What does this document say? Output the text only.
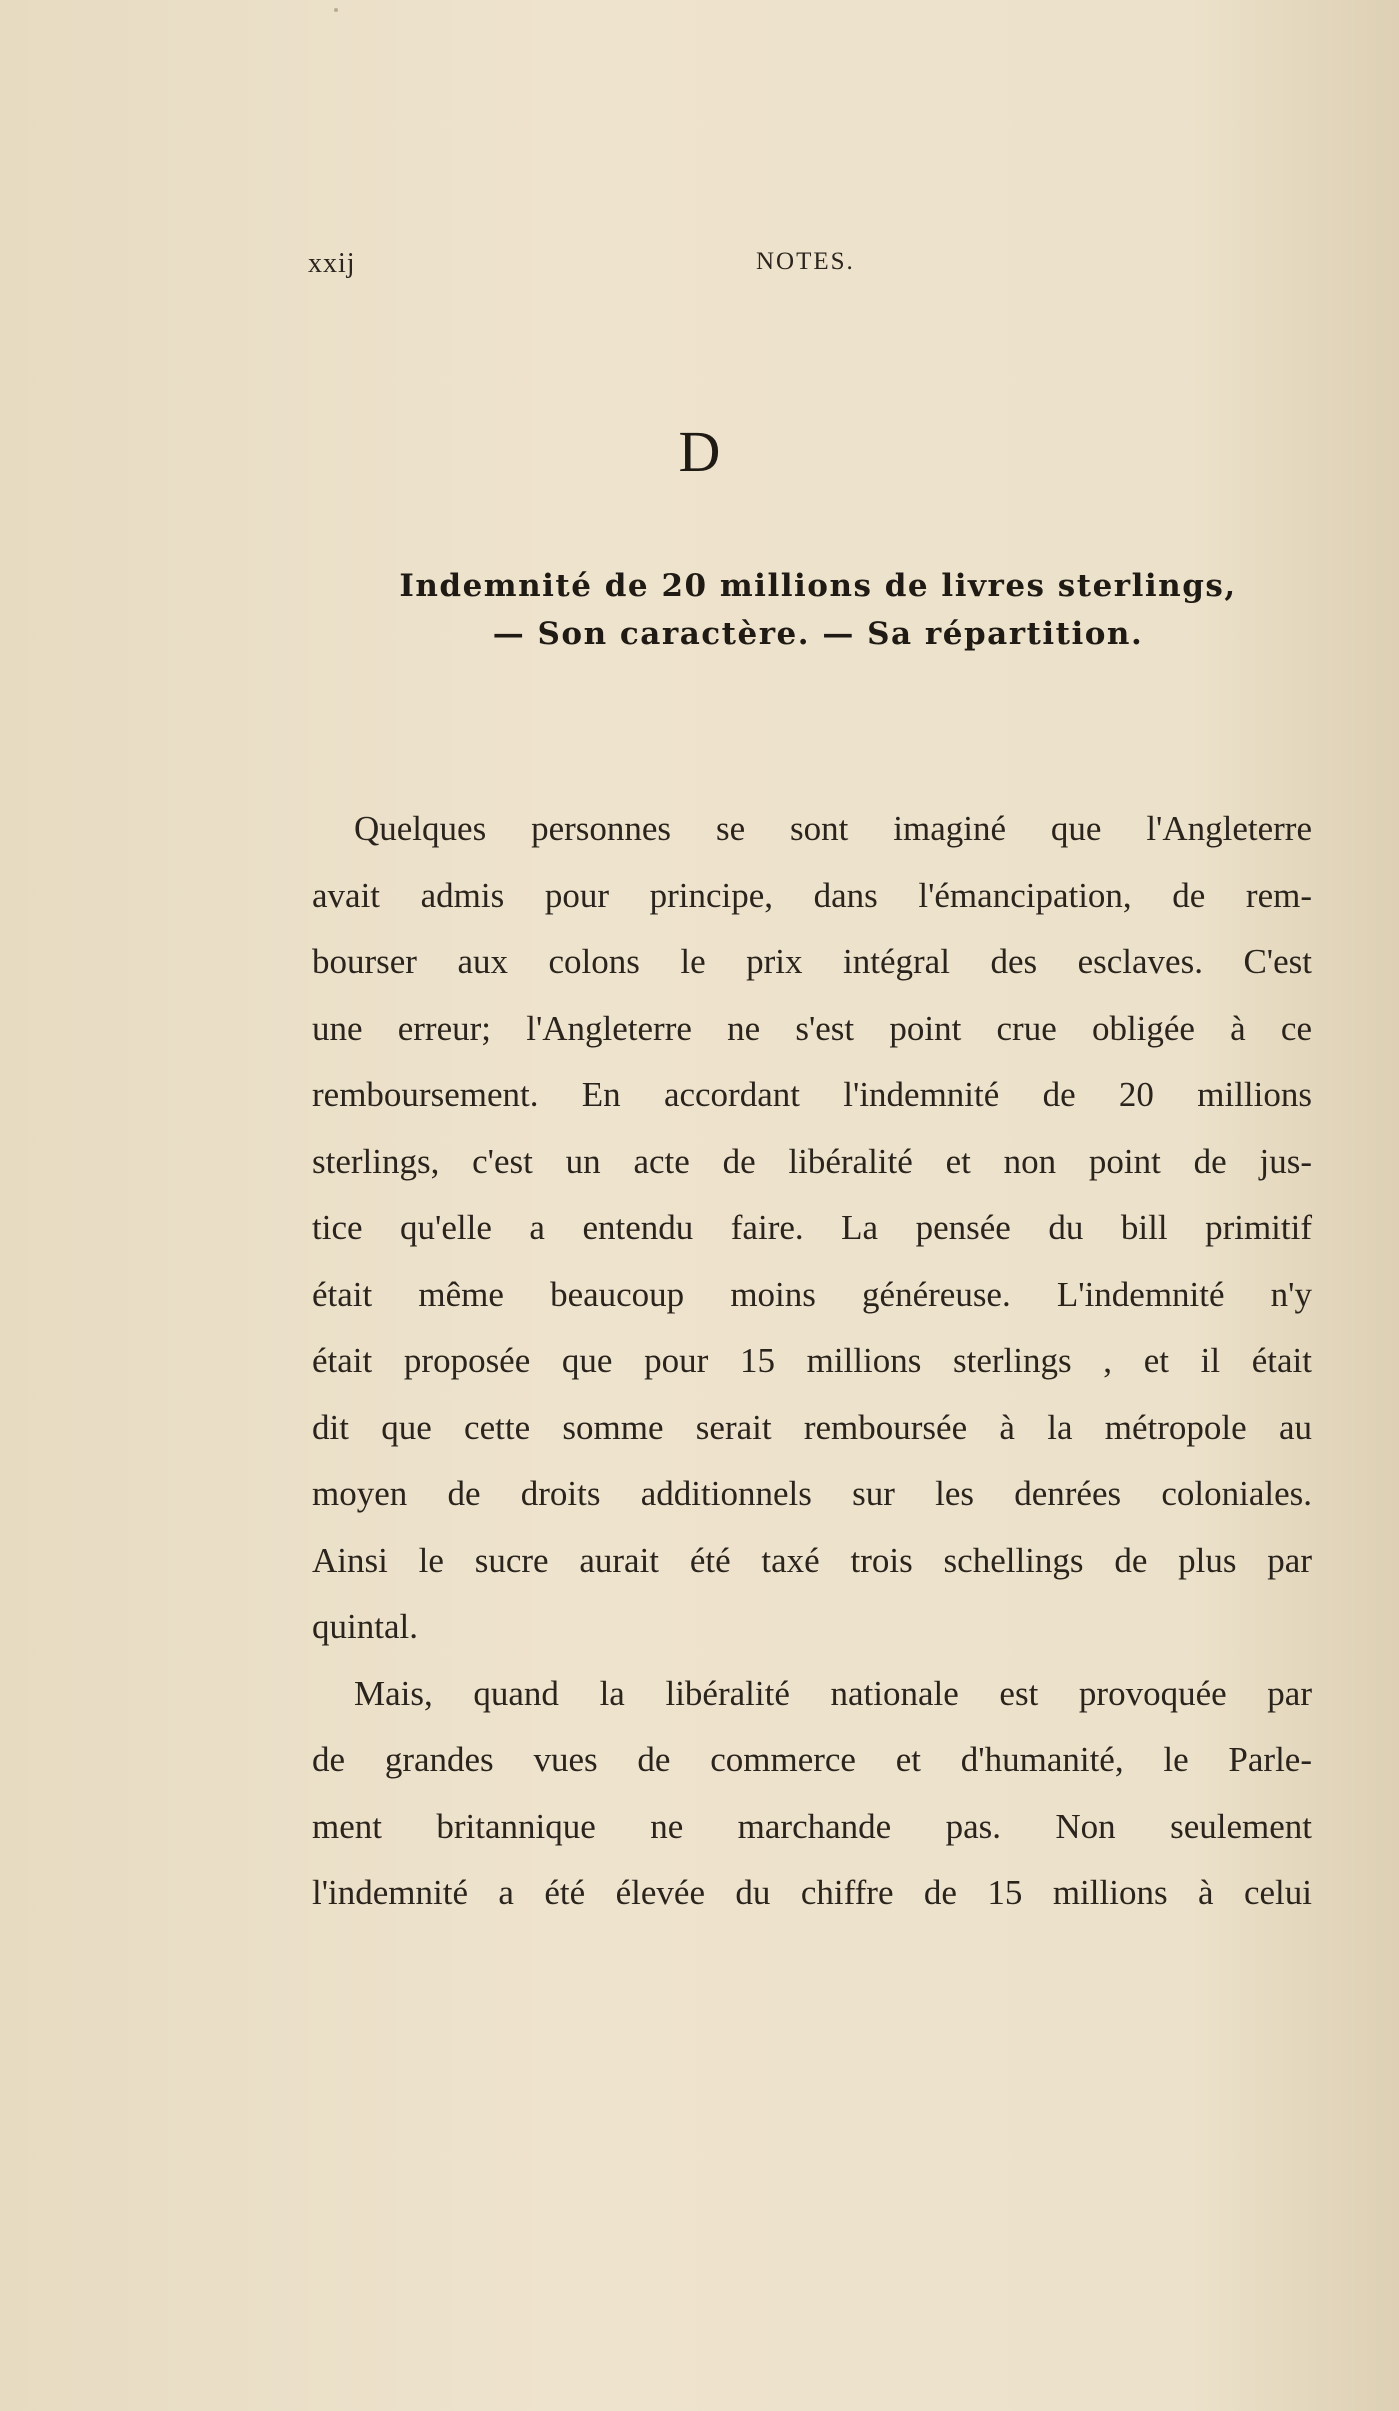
xxij	NOTES.
D
Indemnité de 20 millions de livres sterlings,
— Son caractère. — Sa répartition.
Quelques personnes se sont imaginé que l'Angleterre
avait admis pour principe, dans l'émancipation, de rem-
bourser aux colons le prix intégral des esclaves. C'est
une erreur; l'Angleterre ne s'est point crue obligée à ce
remboursement. En accordant l'indemnité de 20 millions
sterlings, c'est un acte de libéralité et non point de jus-
tice qu'elle a entendu faire. La pensée du bill primitif
était même beaucoup moins généreuse. L'indemnité n'y
était proposée que pour 15 millions sterlings , et il était
dit que cette somme serait remboursée à la métropole au
moyen de droits additionnels sur les denrées coloniales.
Ainsi le sucre aurait été taxé trois schellings de plus par
quintal.
Mais, quand la libéralité nationale est provoquée par
de grandes vues de commerce et d'humanité, le Parle-
ment britannique ne marchande pas. Non seulement
l'indemnité a été élevée du chiffre de 15 millions à celui
